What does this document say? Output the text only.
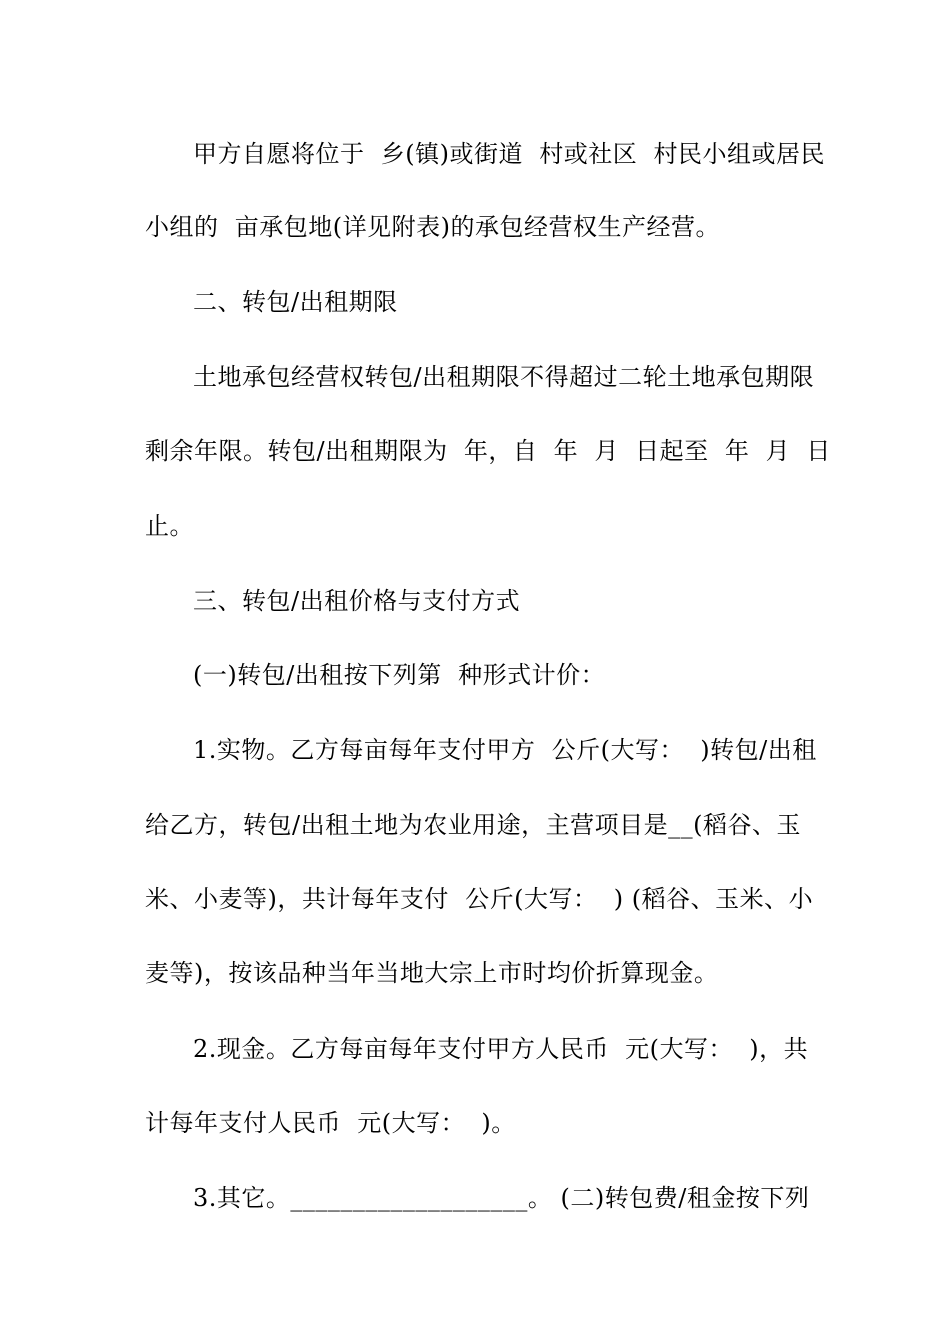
甲方自愿将位于  乡(镇)或街道  村或社区  村民小组或居民
小组的  亩承包地(详见附表)的承包经营权生产经营。
二、转包/出租期限
土地承包经营权转包/出租期限不得超过二轮土地承包期限
剩余年限。转包/出租期限为  年，自  年  月  日起至  年  月  日
止。
三、转包/出租价格与支付方式
(一)转包/出租按下列第  种形式计价：
1.实物。乙方每亩每年支付甲方  公斤(大写：  )转包/出租
给乙方，转包/出租土地为农业用途，主营项目是__(稻谷、玉
米、小麦等)，共计每年支付  公斤(大写：  ) (稻谷、玉米、小
麦等)，按该品种当年当地大宗上市时均价折算现金。
2.现金。乙方每亩每年支付甲方人民币  元(大写：  )，共
计每年支付人民币  元(大写：  )。
3.其它。___________________。 (二)转包费/租金按下列
